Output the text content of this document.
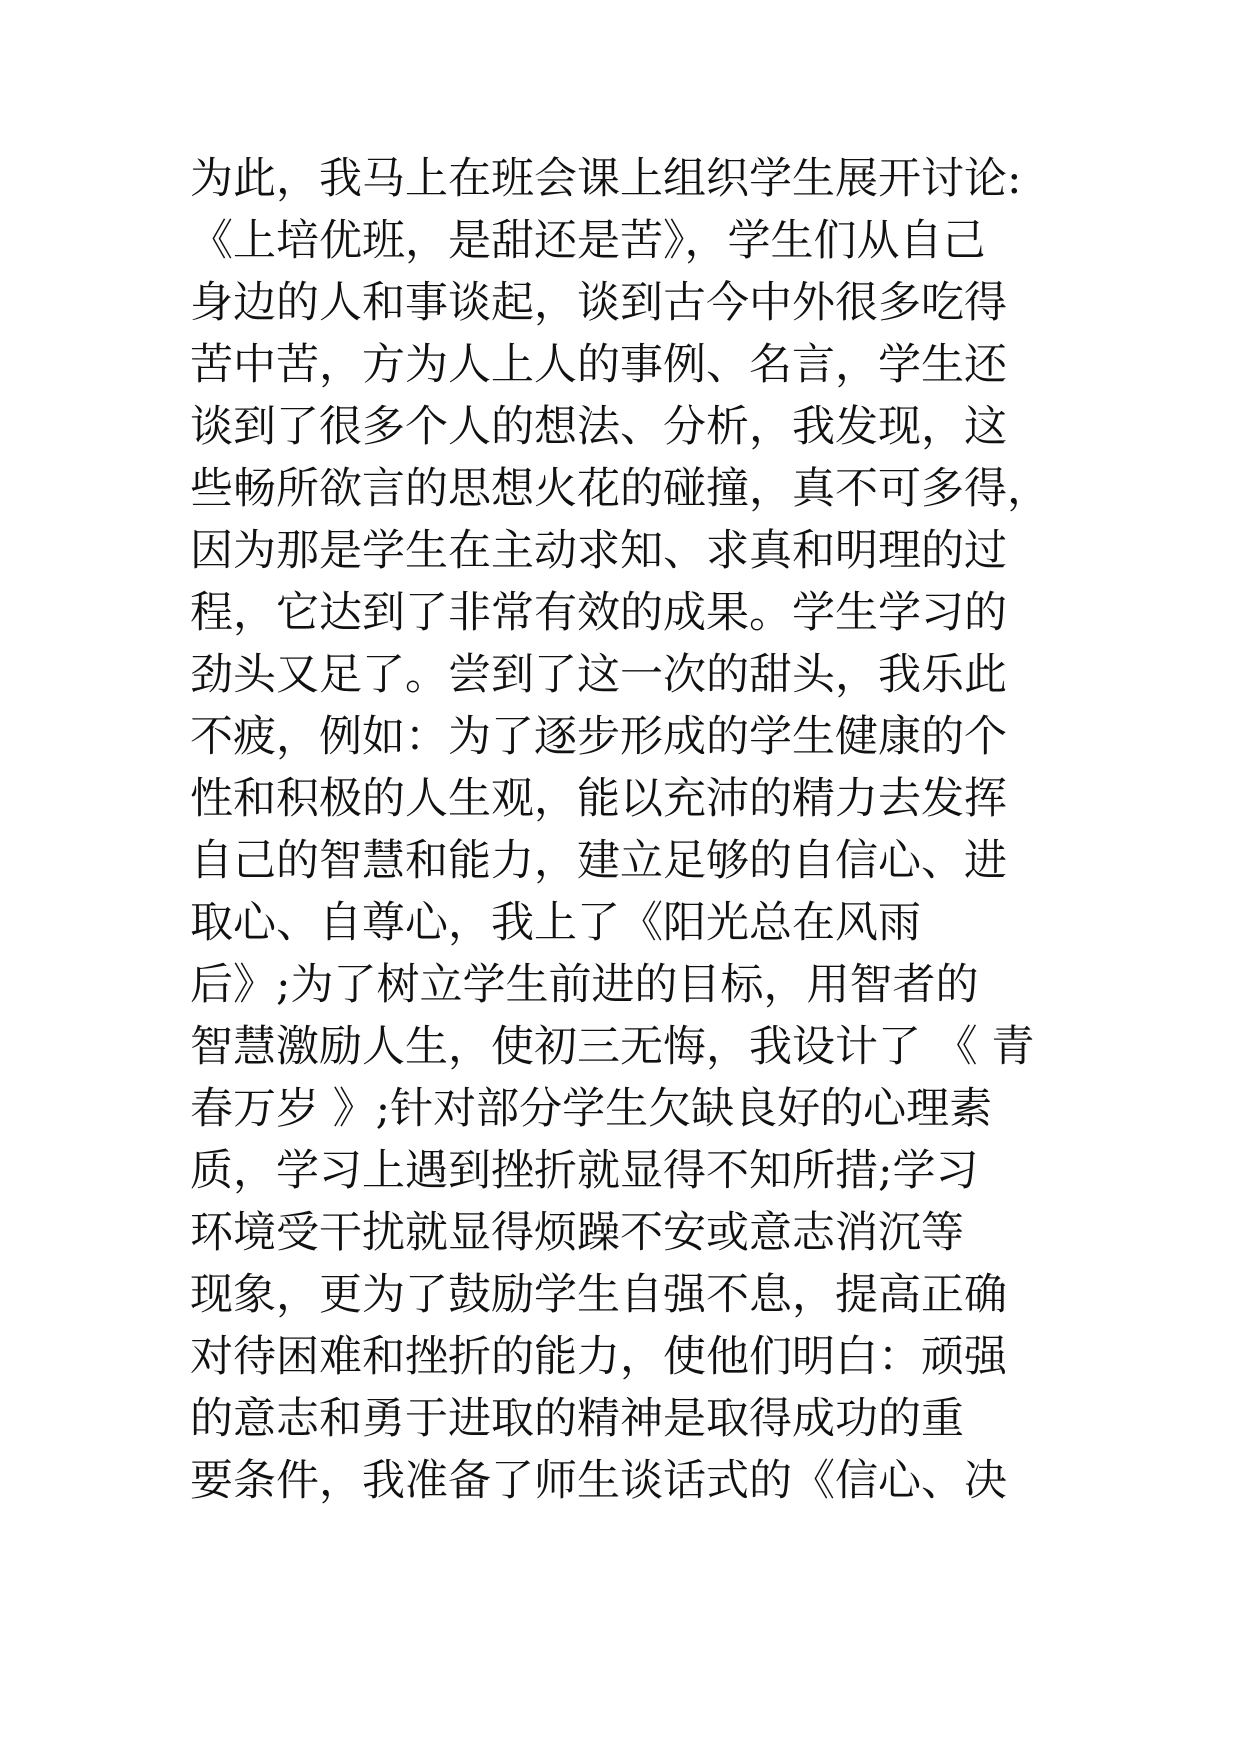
为此，我马上在班会课上组织学生展开讨论:
《上培优班，是甜还是苦》，学生们从自己
身边的人和事谈起，谈到古今中外很多吃得
苦中苦，方为人上人的事例、名言，学生还
谈到了很多个人的想法、分析，我发现，这
些畅所欲言的思想火花的碰撞，真不可多得，
因为那是学生在主动求知、求真和明理的过
程，它达到了非常有效的成果。学生学习的
劲头又足了。尝到了这一次的甜头，我乐此
不疲，例如：为了逐步形成的学生健康的个
性和积极的人生观，能以充沛的精力去发挥
自己的智慧和能力，建立足够的自信心、进
取心、自尊心，我上了《阳光总在风雨
后》;为了树立学生前进的目标，用智者的
智慧激励人生，使初三无悔，我设计了 《 青
春万岁 》;针对部分学生欠缺良好的心理素
质，学习上遇到挫折就显得不知所措;学习
环境受干扰就显得烦躁不安或意志消沉等
现象，更为了鼓励学生自强不息，提高正确
对待困难和挫折的能力，使他们明白：顽强
的意志和勇于进取的精神是取得成功的重
要条件，我准备了师生谈话式的《信心、决
